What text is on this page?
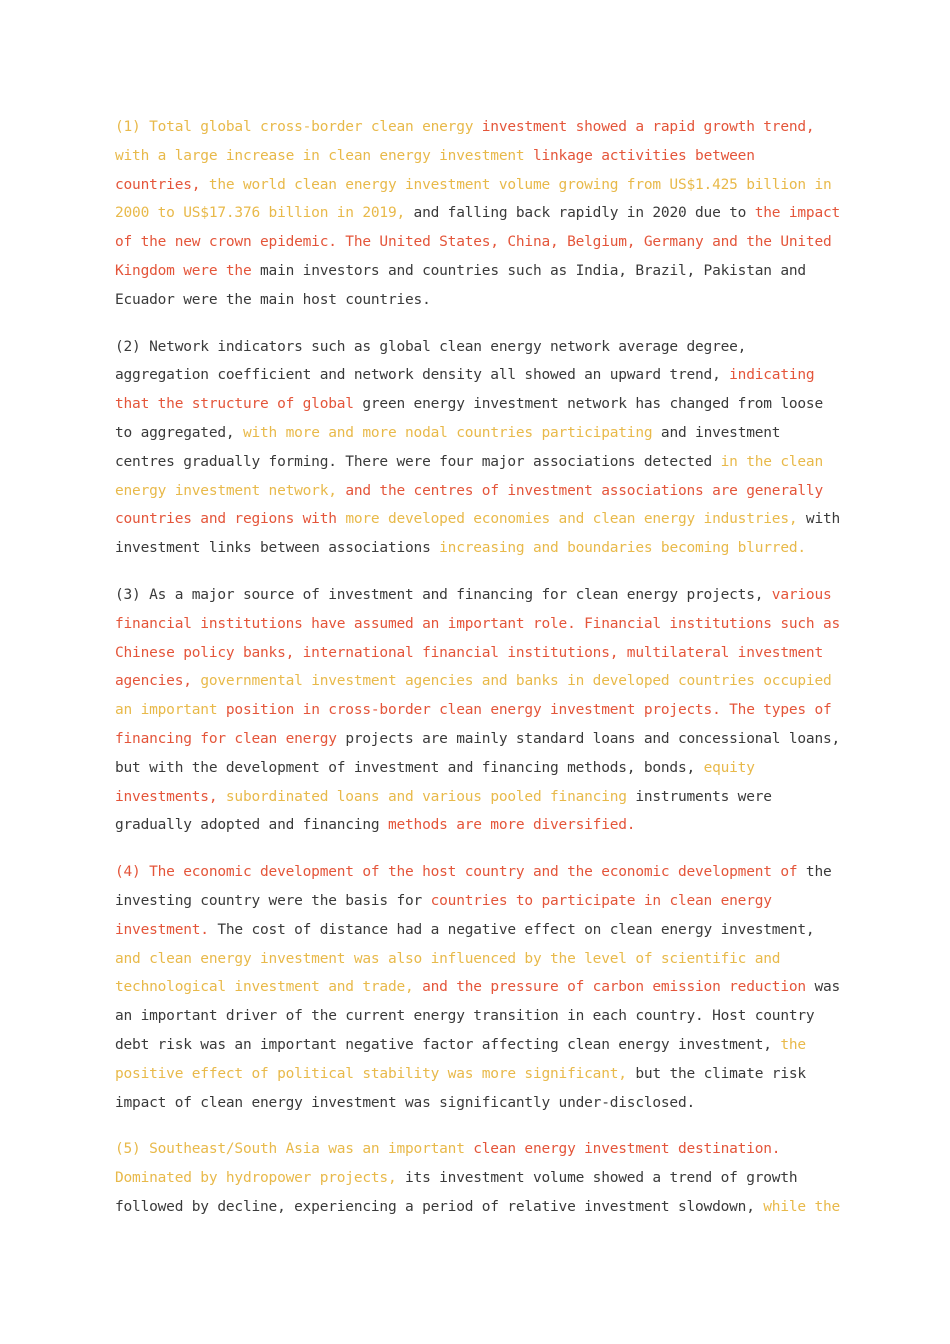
(1) Total global cross-border clean energy investment showed a rapid growth trend,
with a large increase in clean energy investment linkage activities between
countries, the world clean energy investment volume growing from US$1.425 billion in
2000 to US$17.376 billion in 2019, and falling back rapidly in 2020 due to the impact
of the new crown epidemic. The United States, China, Belgium, Germany and the United
Kingdom were the main investors and countries such as India, Brazil, Pakistan and
Ecuador were the main host countries.
(2) Network indicators such as global clean energy network average degree,
aggregation coefficient and network density all showed an upward trend, indicating
that the structure of global green energy investment network has changed from loose
to aggregated, with more and more nodal countries participating and investment
centres gradually forming. There were four major associations detected in the clean
energy investment network, and the centres of investment associations are generally
countries and regions with more developed economies and clean energy industries, with
investment links between associations increasing and boundaries becoming blurred.
(3) As a major source of investment and financing for clean energy projects, various
financial institutions have assumed an important role. Financial institutions such as
Chinese policy banks, international financial institutions, multilateral investment
agencies, governmental investment agencies and banks in developed countries occupied
an important position in cross-border clean energy investment projects. The types of
financing for clean energy projects are mainly standard loans and concessional loans,
but with the development of investment and financing methods, bonds, equity
investments, subordinated loans and various pooled financing instruments were
gradually adopted and financing methods are more diversified.
(4) The economic development of the host country and the economic development of the
investing country were the basis for countries to participate in clean energy
investment. The cost of distance had a negative effect on clean energy investment,
and clean energy investment was also influenced by the level of scientific and
technological investment and trade, and the pressure of carbon emission reduction was
an important driver of the current energy transition in each country. Host country
debt risk was an important negative factor affecting clean energy investment, the
positive effect of political stability was more significant, but the climate risk
impact of clean energy investment was significantly under-disclosed.
(5) Southeast/South Asia was an important clean energy investment destination.
Dominated by hydropower projects, its investment volume showed a trend of growth
followed by decline, experiencing a period of relative investment slowdown, while the
